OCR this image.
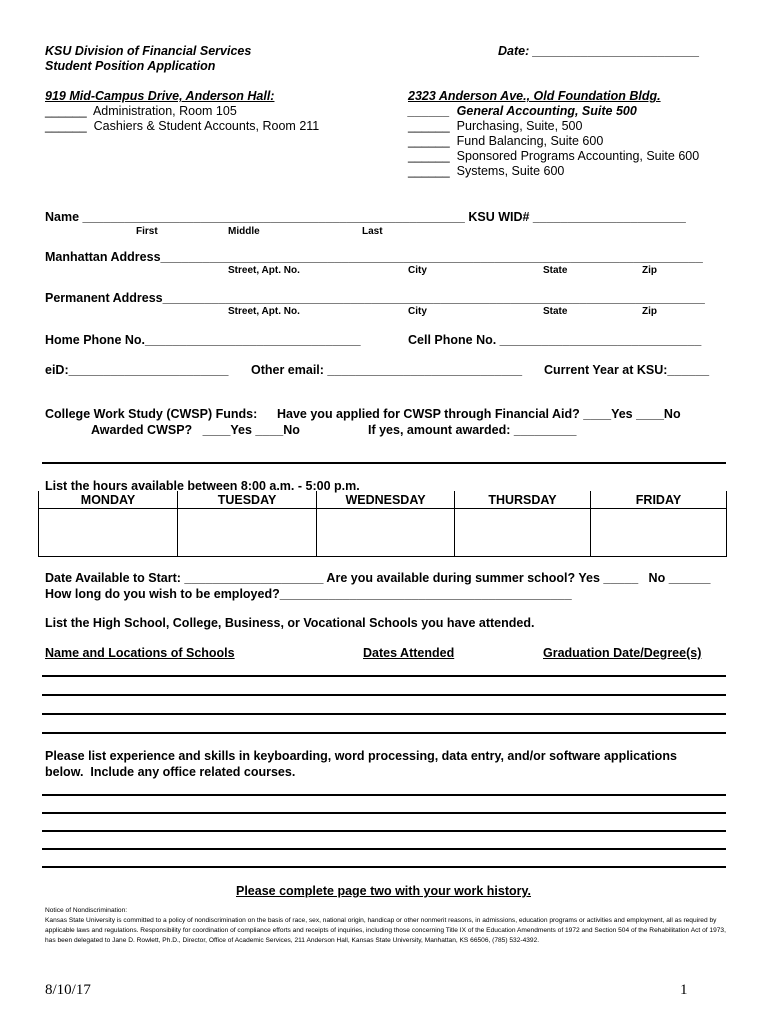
KSU Division of Financial Services
Student Position Application
Date: ________________________
919 Mid-Campus Drive, Anderson Hall:
______  Administration, Room 105
______  Cashiers & Student Accounts, Room 211
2323 Anderson Ave., Old Foundation Bldg.
______  General Accounting, Suite 500
______  Purchasing, Suite, 500
______  Fund Balancing, Suite 600
______  Sponsored Programs Accounting, Suite 600
______  Systems, Suite 600
Name _______________________________________________________ KSU WID# ______________________
First	Middle	Last
Manhattan Address______________________________________________________________________________
Street, Apt. No.	City	State	Zip
Permanent Address______________________________________________________________________________
Street, Apt. No.	City	State	Zip
Home Phone No._______________________________	Cell Phone No. _____________________________
eiD:_______________________ Other email: ____________________________ Current Year at KSU:______
College Work Study (CWSP) Funds: Have you applied for CWSP through Financial Aid? ____Yes ____No
Awarded CWSP?   ____Yes ____No	If yes, amount awarded: _________
List the hours available between 8:00 a.m. - 5:00 p.m.
MONDAY	TUESDAY	WEDNESDAY	THURSDAY	FRIDAY

Date Available to Start: ____________________ Are you available during summer school? Yes _____   No ______
How long do you wish to be employed?__________________________________________
List the High School, College, Business, or Vocational Schools you have attended.
Name and Locations of Schools	Dates Attended	Graduation Date/Degree(s)
Please list experience and skills in keyboarding, word processing, data entry, and/or software applications
below.  Include any office related courses.
Please complete page two with your work history.
Notice of Nondiscrimination:
Kansas State University is committed to a policy of nondiscrimination on the basis of race, sex, national origin, handicap or other nonmerit reasons, in admissions, education programs or activities and employment, all as required by applicable laws and regulations. Responsibility for coordination of compliance efforts and receipts of inquiries, including those concerning Title IX of the Education Amendments of 1972 and Section 504 of the Rehabilitation Act of 1973, has been delegated to Jane D. Rowlett, Ph.D., Director, Office of Academic Services, 211 Anderson Hall, Kansas State University, Manhattan, KS 66506, (785) 532-4392.
8/10/17	1
